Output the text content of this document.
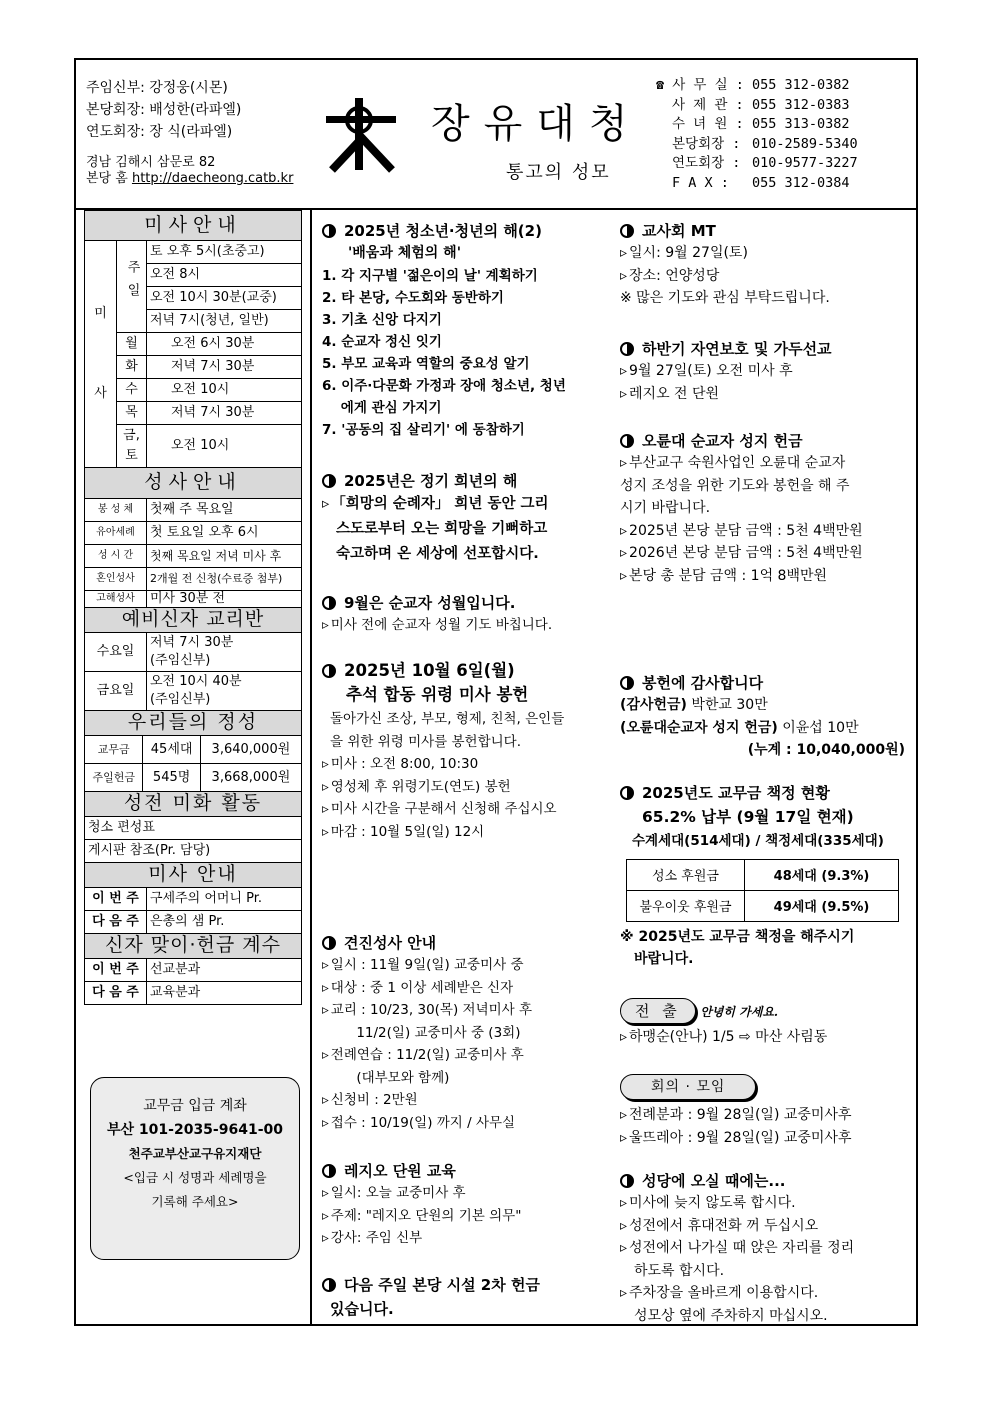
주임신부: 강정웅(시몬)
본당회장: 배성한(라파엘)
연도회장: 장 식(라파엘)
경남 김해시 삼문로 82
본당 홈 http://daecheong.catb.kr
장유대청
통고의 성모
☎ 사 무 실 : 055 312-0382
사 제 관 : 055 312-0383
수 녀 원 : 055 313-0382
본당회장 : 010-2589-5340
연도회장 : 010-9577-3227
F A X :	055 312-0384
미사안내
미

사	주일	토 오후 5시(초중고)
		오전 8시
		오전 10시 30분(교중)
		저녁 7시(청년, 일반)
	월	오전 6시 30분
	화	저녁 7시 30분
	수	오전 10시
	목	저녁 7시 30분
	금, 토	오전 10시
성사안내
봉 성 체	첫째 주 목요일
유아세례	첫 토요일 오후 6시
성 시 간	첫째 목요일 저녁 미사 후
혼인성사	2개월 전 신청(수료증 첨부)
고해성사	미사 30분 전
예비신자 교리반
수요일	저녁 7시 30분
(주임신부)
금요일	오전 10시 40분
(주임신부)
우리들의 정성
교무금	45세대	3,640,000원
주일헌금	545명	3,668,000원
성전 미화 활동
청소 편성표
게시판 참조(Pr. 담당)
미사 안내
이 번 주	구세주의 어머니 Pr.
다 음 주	은총의 샘 Pr.
신자 맞이·헌금 계수
이 번 주	선교분과
다 음 주	교육분과
교무금 입금 계좌
부산 101-2035-9641-00
천주교부산교구유지재단
<입금 시 성명과 세례명을
기록해 주세요>
2025년 청소년·청년의 해(2)
'배움과 체험의 해'
1. 각 지구별 '젊은이의 날' 계획하기
2. 타 본당, 수도회와 동반하기
3. 기초 신앙 다지기
4. 순교자 정신 잇기
5. 부모 교육과 역할의 중요성 알기
6. 이주·다문화 가정과 장애 청소년, 청년
에게 관심 가지기
7. '공동의 집 살리기' 에 동참하기
2025년은 정기 희년의 해
▹ 「희망의 순례자」 희년 동안 그리
스도로부터 오는 희망을 기뻐하고
숙고하며 온 세상에 선포합시다.
9월은 순교자 성월입니다.
▹ 미사 전에 순교자 성월 기도 바칩니다.
2025년 10월 6일(월)
추석 합동 위령 미사 봉헌
돌아가신 조상, 부모, 형제, 친척, 은인들
을 위한 위령 미사를 봉헌합니다.
▹ 미사 : 오전 8:00, 10:30
▹ 영성체 후 위령기도(연도) 봉헌
▹ 미사 시간을 구분해서 신청해 주십시오
▹ 마감 : 10월 5일(일) 12시
견진성사 안내
▹ 일시 : 11월 9일(일) 교중미사 중
▹ 대상 : 중 1 이상 세례받은 신자
▹ 교리 : 10/23, 30(목) 저녁미사 후
11/2(일) 교중미사 중 (3회)
▹ 전례연습 : 11/2(일) 교중미사 후
(대부모와 함께)
▹ 신청비 : 2만원
▹ 접수 : 10/19(일) 까지 / 사무실
레지오 단원 교육
▹ 일시: 오늘 교중미사 후
▹ 주제: "레지오 단원의 기본 의무"
▹ 강사: 주임 신부
다음 주일 본당 시설 2차 헌금
있습니다.
교사회 MT
▹ 일시: 9월 27일(토)
▹ 장소: 언양성당
※ 많은 기도와 관심 부탁드립니다.
하반기 자연보호 및 가두선교
▹ 9월 27일(토) 오전 미사 후
▹ 레지오 전 단원
오륜대 순교자 성지 헌금
▹ 부산교구 숙원사업인 오륜대 순교자
성지 조성을 위한 기도와 봉헌을 해 주
시기 바랍니다.
▹ 2025년 본당 분담 금액 : 5천 4백만원
▹ 2026년 본당 분담 금액 : 5천 4백만원
▹ 본당 총 분담 금액 : 1억 8백만원
봉헌에 감사합니다
(감사헌금) 박한교 30만
(오륜대순교자 성지 헌금) 이윤섭 10만
(누계 : 10,040,000원)
2025년도 교무금 책정 현황
65.2% 납부 (9월 17일 현재)
수계세대(514세대) / 책정세대(335세대)
성소 후원금	48세대 (9.3%)
불우이웃 후원금	49세대 (9.5%)
※ 2025년도 교무금 책정을 해주시기
바랍니다.
전 출 안녕히 가세요.
▹ 하맹순(안나) 1/5 ⇨ 마산 사림동
회의 · 모임
▹ 전례분과 : 9월 28일(일) 교중미사후
▹ 울뜨레아 : 9월 28일(일) 교중미사후
성당에 오실 때에는...
▹ 미사에 늦지 않도록 합시다.
▹ 성전에서 휴대전화 꺼 두십시오
▹ 성전에서 나가실 때 앉은 자리를 정리
하도록 합시다.
▹ 주차장을 올바르게 이용합시다.
성모상 옆에 주차하지 마십시오.
